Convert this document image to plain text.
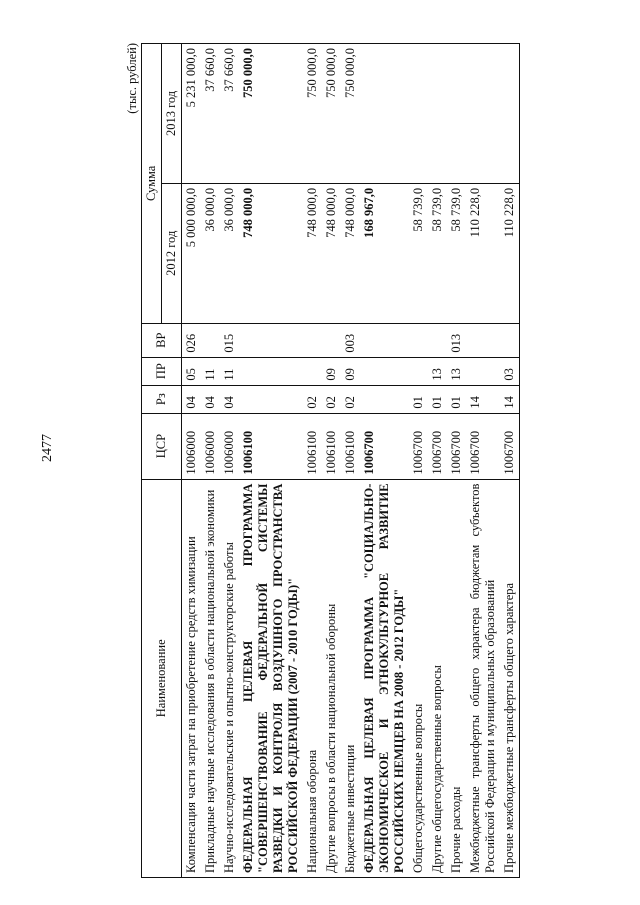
2477
(тыс. рублей)
Наименование	ЦСР	Рз	ПР	ВР	Сумма	
					2012 год	2013 год
Компенсация части затрат на приобретение средств химизации	1006000	04	05	026	5 000 000,0	5 231 000,0
Прикладные научные исследования в области национальной экономики	1006000	04	11		36 000,0	37 660,0
Научно-исследовательские и опытно-конструкторские работы	1006000	04	11	015	36 000,0	37 660,0
ФЕДЕРАЛЬНАЯ ЦЕЛЕВАЯ ПРОГРАММА "СОВЕРШЕНСТВОВАНИЕ ФЕДЕРАЛЬНОЙ СИСТЕМЫ РАЗВЕДКИ И КОНТРОЛЯ ВОЗДУШНОГО ПРОСТРАНСТВА РОССИЙСКОЙ ФЕДЕРАЦИИ (2007 - 2010 ГОДЫ)"	1006100				748 000,0	750 000,0
Национальная оборона	1006100	02			748 000,0	750 000,0
Другие вопросы в области национальной обороны	1006100	02	09		748 000,0	750 000,0
Бюджетные инвестиции	1006100	02	09	003	748 000,0	750 000,0
ФЕДЕРАЛЬНАЯ ЦЕЛЕВАЯ ПРОГРАММА "СОЦИАЛЬНО-ЭКОНОМИЧЕСКОЕ И ЭТНОКУЛЬТУРНОЕ РАЗВИТИЕ РОССИЙСКИХ НЕМЦЕВ НА 2008 - 2012 ГОДЫ"	1006700				168 967,0	
Общегосударственные вопросы	1006700	01			58 739,0	
Другие общегосударственные вопросы	1006700	01	13		58 739,0	
Прочие расходы	1006700	01	13	013	58 739,0	
Межбюджетные трансферты общего характера бюджетам субъектов Российской Федерации и муниципальных образований	1006700	14			110 228,0	
Прочие межбюджетные трансферты общего характера	1006700	14	03		110 228,0	
